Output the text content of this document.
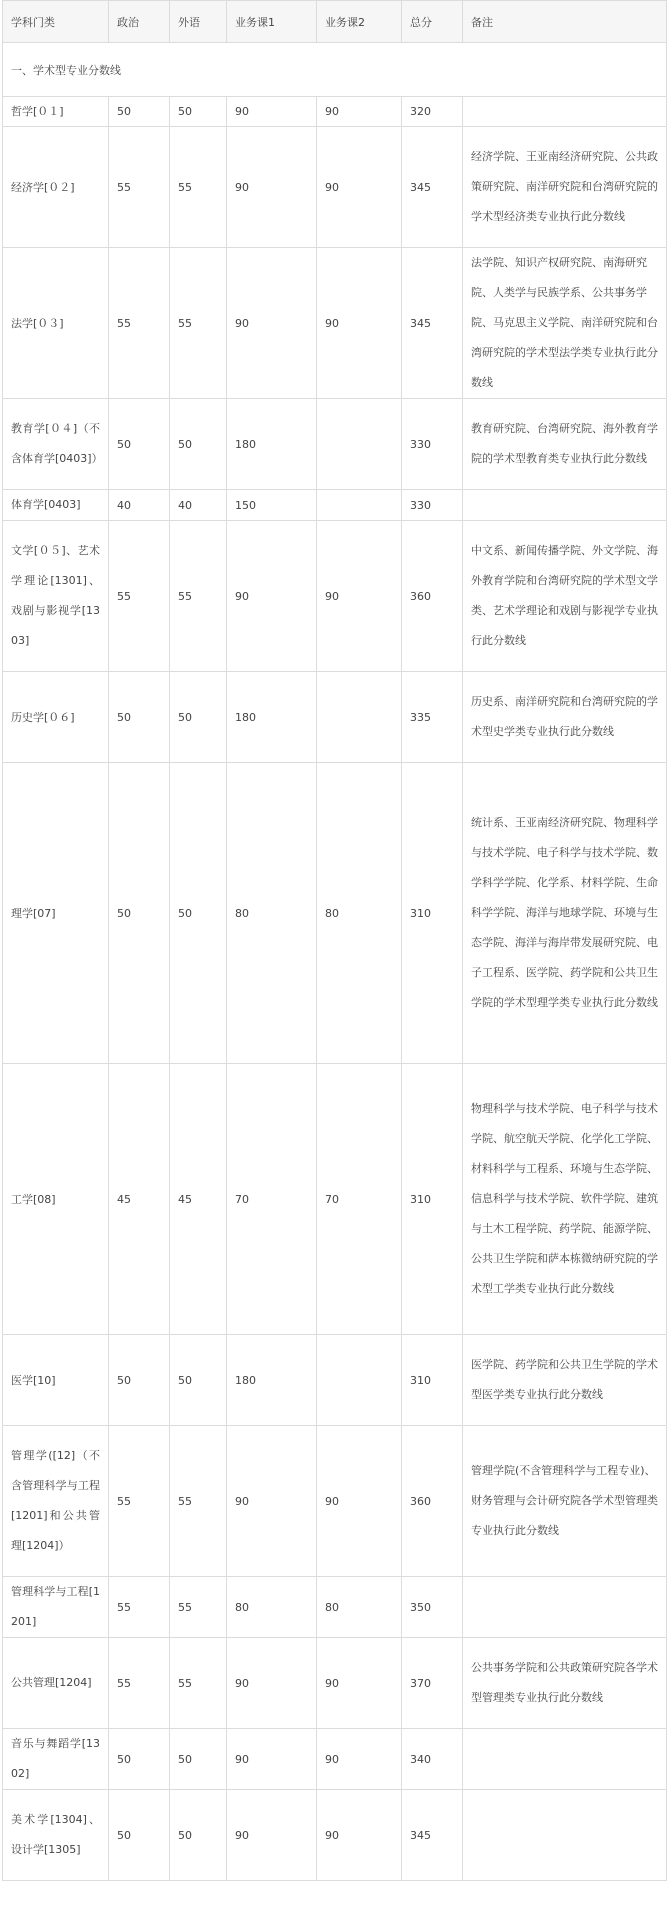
学科门类	政治	外语	业务课1	业务课2	总分	备注
一、学术型专业分数线						
哲学[０１]	50	50	90	90	320	
经济学[０２]	55	55	90	90	345	经济学院、王亚南经济研究院、公共政策研究院、南洋研究院和台湾研究院的学术型经济类专业执行此分数线
法学[０３]	55	55	90	90	345	法学院、知识产权研究院、南海研究院、人类学与民族学系、公共事务学院、马克思主义学院、南洋研究院和台湾研究院的学术型法学类专业执行此分数线
教育学[０４]（不含体育学[0403]）	50	50	180		330	教育研究院、台湾研究院、海外教育学院的学术型教育类专业执行此分数线
体育学[0403]	40	40	150		330	
文学[０５]、艺术学理论[1301]、戏剧与影视学[1303]	55	55	90	90	360	中文系、新闻传播学院、外文学院、海外教育学院和台湾研究院的学术型文学类、艺术学理论和戏剧与影视学专业执行此分数线
历史学[０６]	50	50	180		335	历史系、南洋研究院和台湾研究院的学术型史学类专业执行此分数线
理学[07]	50	50	80	80	310	统计系、王亚南经济研究院、物理科学与技术学院、电子科学与技术学院、数学科学学院、化学系、材料学院、生命科学学院、海洋与地球学院、环境与生态学院、海洋与海岸带发展研究院、电子工程系、医学院、药学院和公共卫生学院的学术型理学类专业执行此分数线
工学[08]	45	45	70	70	310	物理科学与技术学院、电子科学与技术学院、航空航天学院、化学化工学院、材料科学与工程系、环境与生态学院、信息科学与技术学院、软件学院、建筑与土木工程学院、药学院、能源学院、公共卫生学院和萨本栋微纳研究院的学术型工学类专业执行此分数线
医学[10]	50	50	180		310	医学院、药学院和公共卫生学院的学术型医学类专业执行此分数线
管理学([12]（不含管理科学与工程[1201]和公共管理[1204]）	55	55	90	90	360	管理学院(不含管理科学与工程专业)、财务管理与会计研究院各学术型管理类专业执行此分数线
管理科学与工程[1201]	55	55	80	80	350	
公共管理[1204]	55	55	90	90	370	公共事务学院和公共政策研究院各学术型管理类专业执行此分数线
音乐与舞蹈学[1302]	50	50	90	90	340	
美术学[1304]、设计学[1305]	50	50	90	90	345	
